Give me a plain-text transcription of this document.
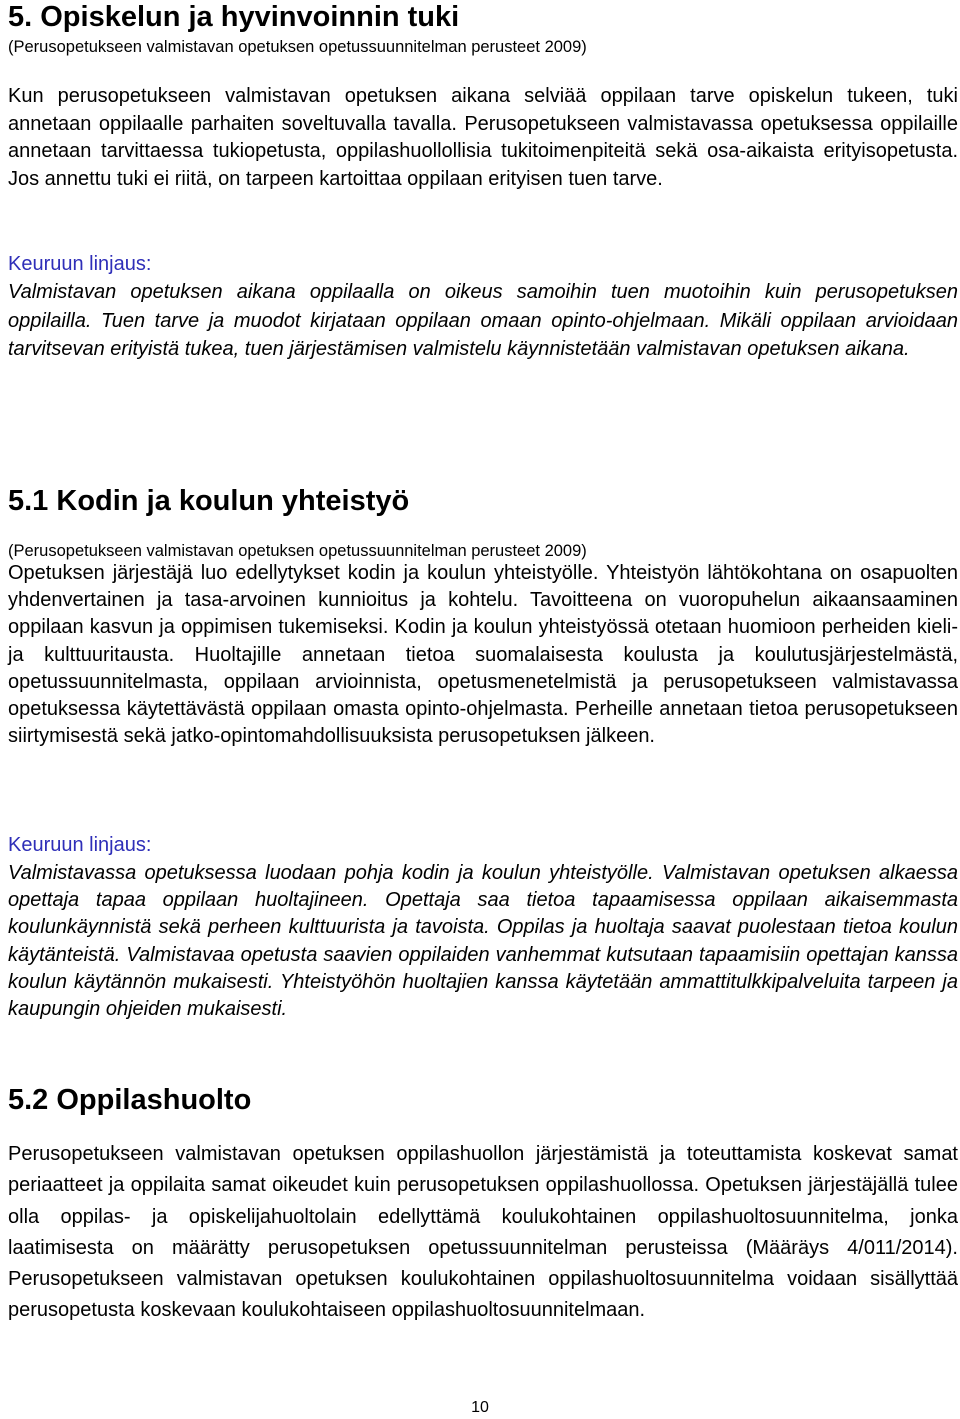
5. Opiskelun ja hyvinvoinnin tuki

(Perusopetukseen valmistavan opetuksen opetussuunnitelman perusteet 2009)

Kun perusopetukseen valmistavan opetuksen aikana selviää oppilaan tarve opiskelun tukeen, tuki annetaan oppilaalle parhaiten soveltuvalla tavalla. Perusopetukseen valmistavassa opetuksessa oppilaille annetaan tarvittaessa tukiopetusta, oppilashuollollisia tukitoimenpiteitä sekä osa-aikaista erityisopetusta. Jos annettu tuki ei riitä, on tarpeen kartoittaa oppilaan erityisen tuen tarve.

Keuruun linjaus:

Valmistavan opetuksen aikana oppilaalla on oikeus samoihin tuen muotoihin kuin perusopetuksen oppilailla. Tuen tarve ja muodot kirjataan oppilaan omaan opinto-ohjelmaan. Mikäli oppilaan arvioidaan tarvitsevan erityistä tukea, tuen järjestämisen valmistelu käynnistetään valmistavan opetuksen aikana.

5.1 Kodin ja koulun yhteistyö

(Perusopetukseen valmistavan opetuksen opetussuunnitelman perusteet 2009)

Opetuksen järjestäjä luo edellytykset kodin ja koulun yhteistyölle. Yhteistyön lähtökohtana on osapuolten yhdenvertainen ja tasa-arvoinen kunnioitus ja kohtelu. Tavoitteena on vuoropuhelun aikaansaaminen oppilaan kasvun ja oppimisen tukemiseksi. Kodin ja koulun yhteistyössä otetaan huomioon perheiden kieli- ja kulttuuritausta. Huoltajille annetaan tietoa suomalaisesta koulusta ja koulutusjärjestelmästä, opetussuunnitelmasta, oppilaan arvioinnista, opetusmenetelmistä ja perusopetukseen valmistavassa opetuksessa käytettävästä oppilaan omasta opinto-ohjelmasta. Perheille annetaan tietoa perusopetukseen siirtymisestä sekä jatko-opintomahdollisuuksista perusopetuksen jälkeen.

Keuruun linjaus:

Valmistavassa opetuksessa luodaan pohja kodin ja koulun yhteistyölle. Valmistavan opetuksen alkaessa opettaja tapaa oppilaan huoltajineen. Opettaja saa tietoa tapaamisessa oppilaan aikaisemmasta koulunkäynnistä sekä perheen kulttuurista ja tavoista. Oppilas ja huoltaja saavat puolestaan tietoa koulun käytänteistä. Valmistavaa opetusta saavien oppilaiden vanhemmat kutsutaan tapaamisiin opettajan kanssa koulun käytännön mukaisesti. Yhteistyöhön huoltajien kanssa käytetään ammattitulkkipalveluita tarpeen ja kaupungin ohjeiden mukaisesti.

5.2 Oppilashuolto

Perusopetukseen valmistavan opetuksen oppilashuollon järjestämistä ja toteuttamista koskevat samat periaatteet ja oppilaita samat oikeudet kuin perusopetuksen oppilashuollossa. Opetuksen järjestäjällä tulee olla oppilas- ja opiskelijahuoltolain edellyttämä koulukohtainen oppilashuoltosuunnitelma, jonka laatimisesta on määrätty perusopetuksen opetussuunnitelman perusteissa (Määräys 4/011/2014). Perusopetukseen valmistavan opetuksen koulukohtainen oppilashuoltosuunnitelma voidaan sisällyttää perusopetusta koskevaan koulukohtaiseen oppilashuoltosuunnitelmaan.

10
